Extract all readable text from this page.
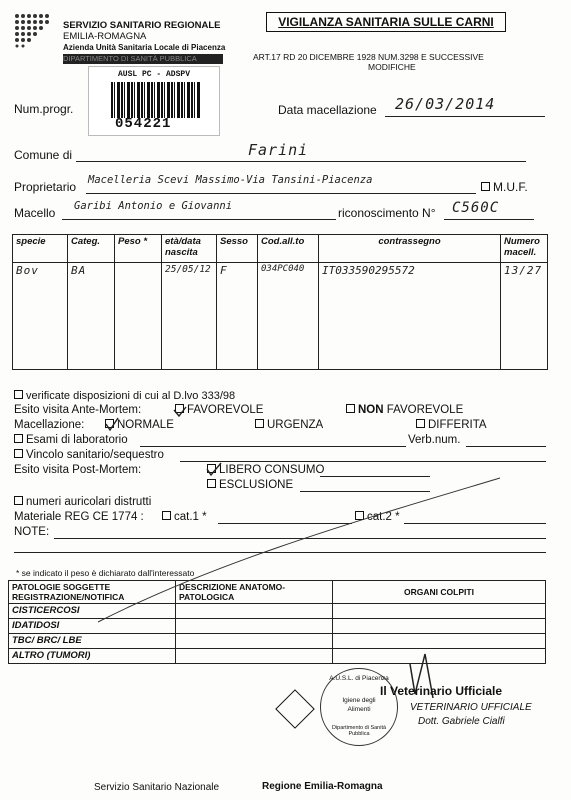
SERVIZIO SANITARIO REGIONALE
EMILIA-ROMAGNA
Azienda Unità Sanitaria Locale di Piacenza
DIPARTIMENTO DI SANITÀ PUBBLICA
VIGILANZA SANITARIA SULLE CARNI
ART.17 RD 20 DICEMBRE 1928 NUM.3298 E SUCCESSIVE
MODIFICHE
AUSL PC - ADSPV
054221
Num.progr.	Data macellazione 26/03/2014
Comune di	Farini
Proprietario Macelleria Scevi Massimo-Via Tansini-Piacenza	M.U.F.
Macello Garibi Antonio e Giovanni	riconoscimento N° C560C
specie	Categ.	Peso *	età/data nascita	Sesso	Cod.all.to	contrassegno	Numero macell.
Bov	BA		25/05/12	F	034PC040	IT033590295572	13/27
verificate disposizioni di cui al D.lvo 333/98
Esito visita Ante-Mortem:	FAVOREVOLE	NON FAVOREVOLE
Macellazione:	NORMALE	URGENZA	DIFFERITA
Esami di laboratorio	Verb.num.
Vincolo sanitario/sequestro
Esito visita Post-Mortem:	LIBERO CONSUMO
ESCLUSIONE
numeri auricolari distrutti
Materiale REG CE 1774 :	cat.1 *	cat.2 *
NOTE:
* se indicato il peso è dichiarato dall'interessato
PATOLOGIE SOGGETTE REGISTRAZIONE/NOTIFICA	DESCRIZIONE ANATOMO-PATOLOGICA	ORGANI COLPITI
CISTICERCOSI		
IDATIDOSI		
TBC/ BRC/ LBE		
ALTRO (TUMORI)		
A.U.S.L. di Piacenza
Igiene degli
Alimenti
Dipartimento di Sanità Pubblica
Il Veterinario Ufficiale
VETERINARIO UFFICIALE
Dott. Gabriele Cialfi
Servizio Sanitario Nazionale	Regione Emilia-Romagna
